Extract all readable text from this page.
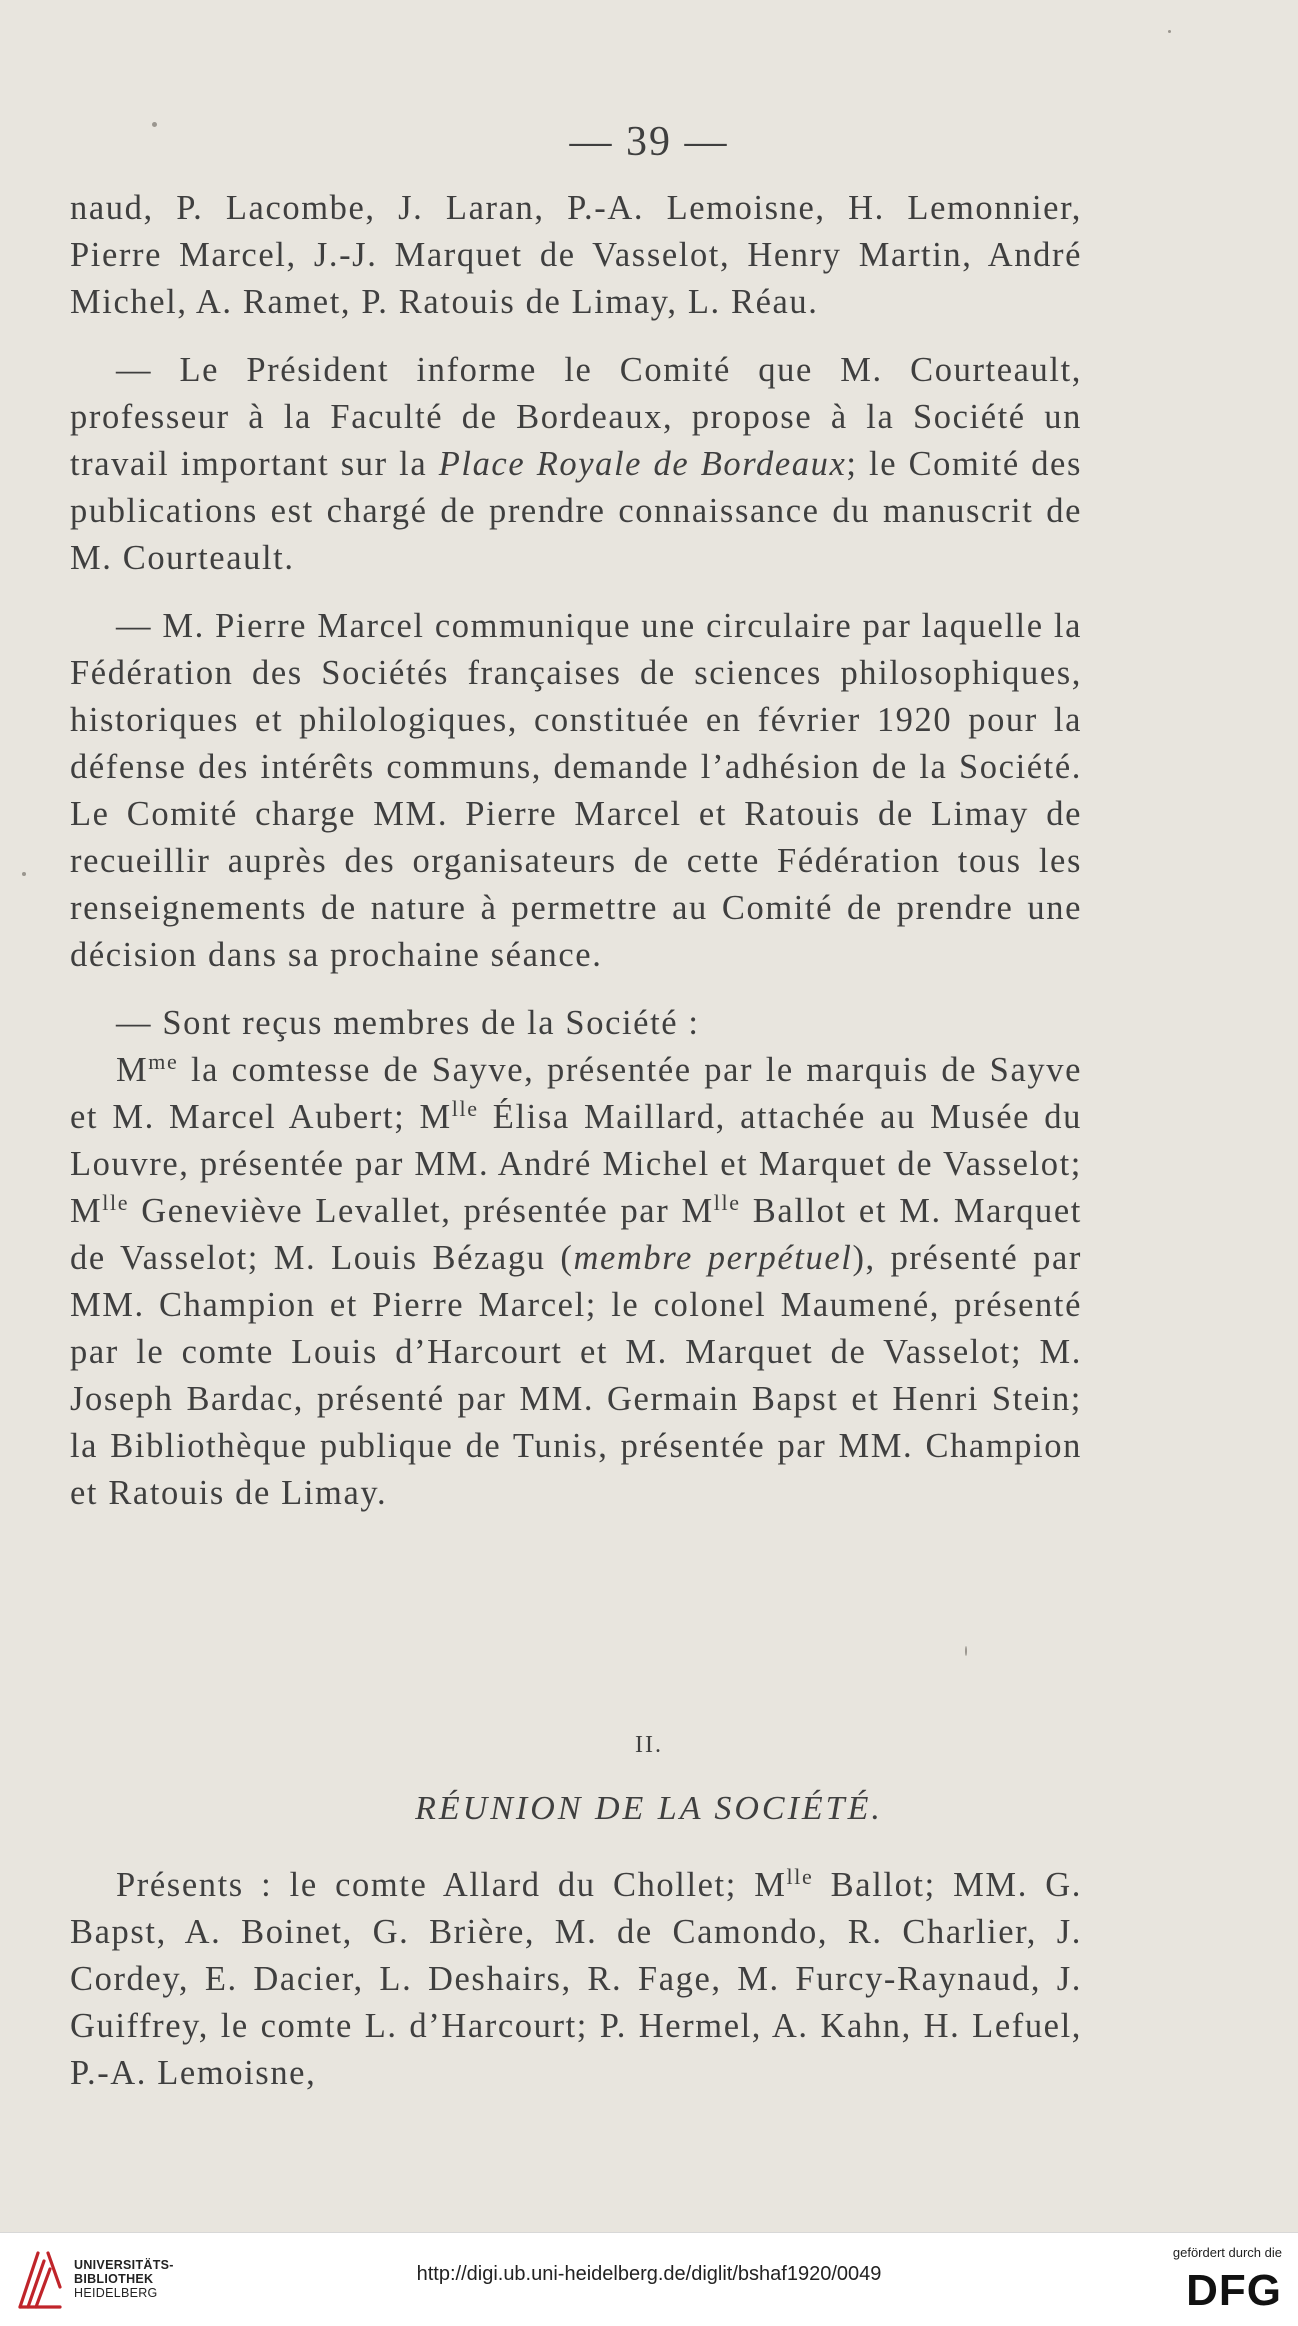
— 39 —

naud, P. Lacombe, J. Laran, P.-A. Lemoisne, H. Lemonnier, Pierre Marcel, J.-J. Marquet de Vasselot, Henry Martin, André Michel, A. Ramet, P. Ratouis de Limay, L. Réau.

— Le Président informe le Comité que M. Courteault, professeur à la Faculté de Bordeaux, propose à la Société un travail important sur la Place Royale de Bordeaux; le Comité des publications est chargé de prendre connaissance du manuscrit de M. Courteault.

— M. Pierre Marcel communique une circulaire par laquelle la Fédération des Sociétés françaises de sciences philosophiques, historiques et philologiques, constituée en février 1920 pour la défense des intérêts communs, demande l’adhésion de la Société. Le Comité charge MM. Pierre Marcel et Ratouis de Limay de recueillir auprès des organisateurs de cette Fédération tous les renseignements de nature à permettre au Comité de prendre une décision dans sa prochaine séance.

— Sont reçus membres de la Société :

$M^{me}$ la comtesse de Sayve, présentée par le marquis de Sayve et M. Marcel Aubert; $M^{lle}$ Élisa Maillard, attachée au Musée du Louvre, présentée par MM. André Michel et Marquet de Vasselot; $M^{lle}$ Geneviève Levallet, présentée par $M^{lle}$ Ballot et M. Marquet de Vasselot; M. Louis Bézagu (membre perpétuel), présenté par MM. Champion et Pierre Marcel; le colonel Maumené, présenté par le comte Louis d’Harcourt et M. Marquet de Vasselot; M. Joseph Bardac, présenté par MM. Germain Bapst et Henri Stein; la Bibliothèque publique de Tunis, présentée par MM. Champion et Ratouis de Limay.

II.
RÉUNION DE LA SOCIÉTÉ.

Présents : le comte Allard du Chollet; $M^{lle}$ Ballot; MM. G. Bapst, A. Boinet, G. Brière, M. de Camondo, R. Charlier, J. Cordey, E. Dacier, L. Deshairs, R. Fage, M. Furcy-Raynaud, J. Guiffrey, le comte L. d’Harcourt; P. Hermel, A. Kahn, H. Lefuel, P.-A. Lemoisne,

UNIVERSITÄTS-
BIBLIOTHEK
HEIDELBERG
http://digi.ub.uni-heidelberg.de/diglit/bshaf1920/0049
gefördert durch die
DFG
